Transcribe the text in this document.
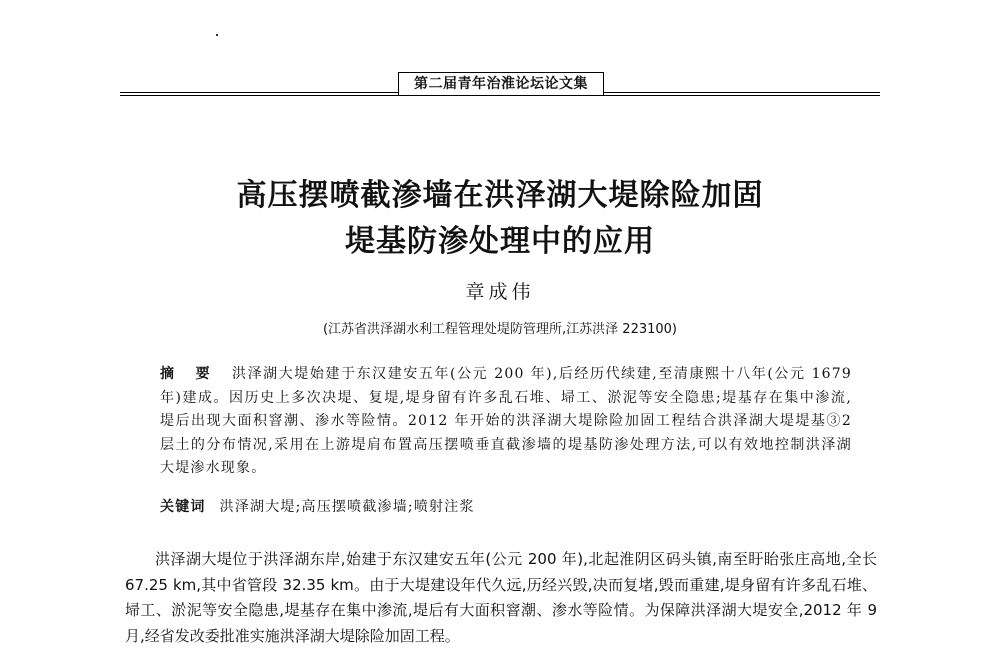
第二届青年治淮论坛论文集
高压摆喷截渗墙在洪泽湖大堤除险加固
堤基防渗处理中的应用
章成伟
(江苏省洪泽湖水利工程管理处堤防管理所,江苏洪泽 223100)
摘 要 洪泽湖大堤始建于东汉建安五年(公元 200 年),后经历代续建,至清康熙十八年(公元 1679 年)建成。因历史上多次决堤、复堤,堤身留有许多乱石堆、埽工、淤泥等安全隐患;堤基存在集中渗流,堤后出现大面积窨潮、渗水等险情。2012 年开始的洪泽湖大堤除险加固工程结合洪泽湖大堤堤基③2层土的分布情况,采用在上游堤肩布置高压摆喷垂直截渗墙的堤基防渗处理方法,可以有效地控制洪泽湖大堤渗水现象。
关键词 洪泽湖大堤;高压摆喷截渗墙;喷射注浆

洪泽湖大堤位于洪泽湖东岸,始建于东汉建安五年(公元 200 年),北起淮阴区码头镇,南至盱眙张庄高地,全长 67.25 km,其中省管段 32.35 km。由于大堤建设年代久远,历经兴毁,决而复堵,毁而重建,堤身留有许多乱石堆、埽工、淤泥等安全隐患,堤基存在集中渗流,堤后有大面积窨潮、渗水等险情。为保障洪泽湖大堤安全,2012 年 9 月,经省发改委批准实施洪泽湖大堤除险加固工程。
